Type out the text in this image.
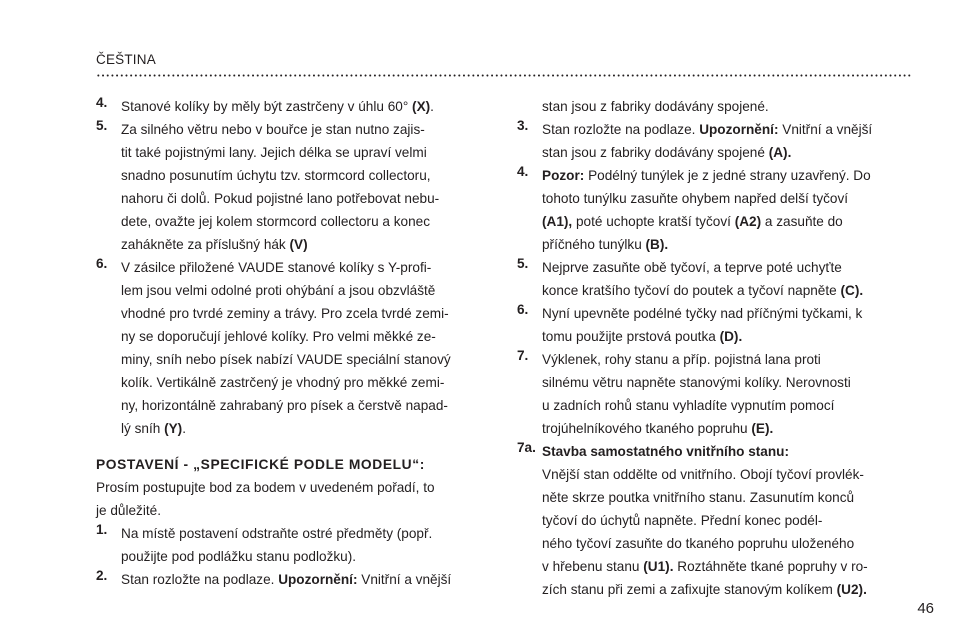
ČEŠTINA
4. Stanové kolíky by měly být zastrčeny v úhlu 60° (X).
5. Za silného větru nebo v bouřce je stan nutno zajis-
tit také pojistnými lany. Jejich délka se upraví velmi
snadno posunutím úchytu tzv. stormcord collectoru,
nahoru či dolů. Pokud pojistné lano potřebovat nebu-
dete, ovažte jej kolem stormcord collectoru a konec
zahákněte za příslušný hák (V)
6. V zásilce přiložené VAUDE stanové kolíky s Y-profi-
lem jsou velmi odolné proti ohýbání a jsou obzvláště
vhodné pro tvrdé zeminy a trávy. Pro zcela tvrdé zemi-
ny se doporučují jehlové kolíky. Pro velmi měkké ze-
miny, sníh nebo písek nabízí VAUDE speciální stanový
kolík. Vertikálně zastrčený je vhodný pro měkké zemi-
ny, horizontálně zahrabaný pro písek a čerstvě napad-
lý sníh (Y).
POSTAVENÍ - „SPECIFICKÉ PODLE MODELU“:
Prosím postupujte bod za bodem v uvedeném pořadí, to
je důležité.
1. Na místě postavení odstraňte ostré předměty (popř.
použijte pod podlážku stanu podložku).
2. Stan rozložte na podlaze. Upozornění: Vnitřní a vnější
stan jsou z fabriky dodávány spojené.
3. Stan rozložte na podlaze. Upozornění: Vnitřní a vnější
stan jsou z fabriky dodávány spojené (A).
4. Pozor: Podélný tunýlek je z jedné strany uzavřený. Do
tohoto tunýlku zasuňte ohybem napřed delší tyčoví
(A1), poté uchopte kratší tyčoví (A2) a zasuňte do
příčného tunýlku (B).
5. Nejprve zasuňte obě tyčoví, a teprve poté uchyťte
konce kratšího tyčoví do poutek a tyčoví napněte (C).
6. Nyní upevněte podélné tyčky nad příčnými tyčkami, k
tomu použijte prstová poutka (D).
7. Výklenek, rohy stanu a příp. pojistná lana proti
silnému větru napněte stanovými kolíky. Nerovnosti
u zadních rohů stanu vyhladíte vypnutím pomocí
trojúhelníkového tkaného popruhu (E).
7a. Stavba samostatného vnitřního stanu:
Vnější stan oddělte od vnitřního. Obojí tyčoví provlék-
něte skrze poutka vnitřního stanu. Zasunutím konců
tyčoví do úchytů napněte. Přední konec podél-
ného tyčoví zasuňte do tkaného popruhu uloženého
v hřebenu stanu (U1). Roztáhněte tkané popruhy v ro-
zích stanu při zemi a zafixujte stanovým kolíkem (U2).
46
